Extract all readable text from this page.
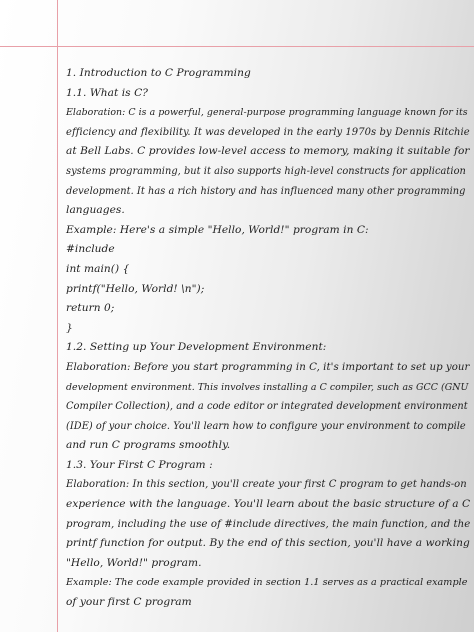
1. Introduction to C Programming
1.1. What is C?
Elaboration: C is a powerful, general-purpose programming language known for its
efficiency and flexibility. It was developed in the early 1970s by Dennis Ritchie
at Bell Labs. C provides low-level access to memory, making it suitable for
systems programming, but it also supports high-level constructs for application
development. It has a rich history and has influenced many other programming
languages.
Example: Here's a simple "Hello, World!" program in C:
#include
int main() {
printf("Hello, World! \n");
return 0;
}
1.2. Setting up Your Development Environment:
Elaboration: Before you start programming in C, it's important to set up your
development environment. This involves installing a C compiler, such as GCC (GNU
Compiler Collection), and a code editor or integrated development environment
(IDE) of your choice. You'll learn how to configure your environment to compile
and run C programs smoothly.
1.3. Your First C Program :
Elaboration: In this section, you'll create your first C program to get hands-on
experience with the language. You'll learn about the basic structure of a C
program, including the use of #include directives, the main function, and the
printf function for output. By the end of this section, you'll have a working
"Hello, World!" program.
Example: The code example provided in section 1.1 serves as a practical example
of your first C program
